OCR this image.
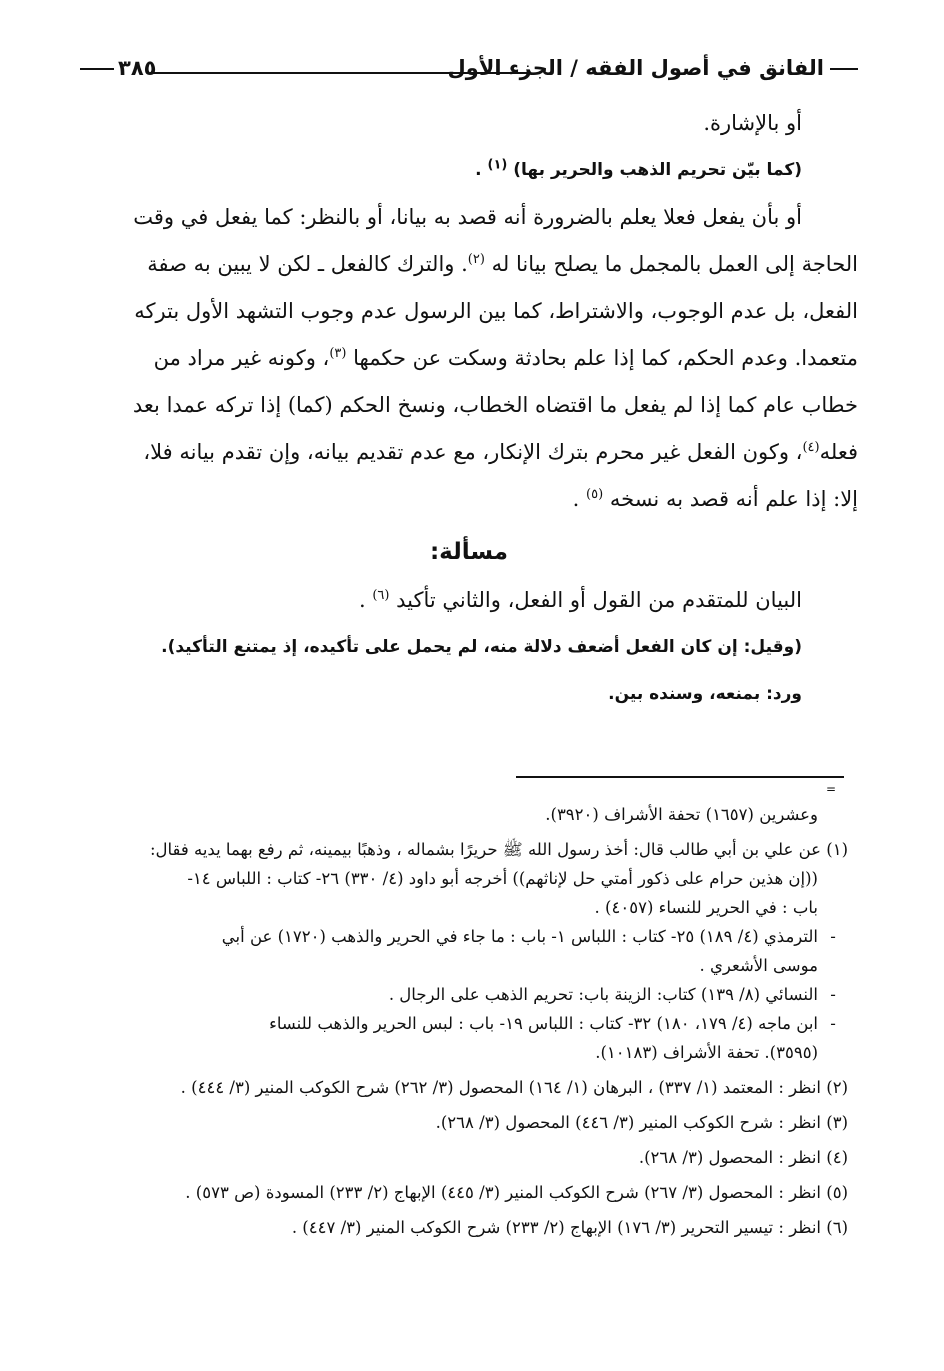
الفانق في أصول الفقه / الجزء الأول
٣٨٥
أو بالإشارة.
(كما بيّن تحريم الذهب والحرير بها) $^{(١)}$ .
أو بأن يفعل فعلا يعلم بالضرورة أنه قصد به بيانا، أو بالنظر: كما يفعل في وقت
الحاجة إلى العمل بالمجمل ما يصلح بيانا له $^{(٢)}$. والترك كالفعل ـ لكن لا يبين به صفة
الفعل، بل عدم الوجوب، والاشتراط، كما بين الرسول عدم وجوب التشهد الأول بتركه
متعمدا. وعدم الحكم، كما إذا علم بحادثة وسكت عن حكمها $^{(٣)}$، وكونه غير مراد من
خطاب عام كما إذا لم يفعل ما اقتضاه الخطاب، ونسخ الحكم (كما) إذا تركه عمدا بعد
فعله$^{(٤)}$، وكون الفعل غير محرم بترك الإنكار، مع عدم تقديم بيانه، وإن تقدم بيانه فلا،
إلا: إذا علم أنه قصد به نسخه $^{(٥)}$ .
مسألة:
البيان للمتقدم من القول أو الفعل، والثاني تأكيد $^{(٦)}$ .
(وقيل: إن كان الفعل أضعف دلالة منه، لم يحمل على تأكيده، إذ يمتنع التأكيد).
ورد: بمنعه، وسنده بين.
=
وعشرين (١٦٥٧) تحفة الأشراف (٣٩٢٠).
(١) عن علي بن أبي طالب قال: أخذ رسول الله ﷺ حريرًا بشماله ، وذهبًا بيمينه، ثم رفع بهما يديه فقال:
((إن هذين حرام على ذكور أمتي حل لإناثهم)) أخرجه أبو داود (٤/ ٣٣٠) ٢٦- كتاب : اللباس ١٤-
باب : في الحرير للنساء (٤٠٥٧) .
-الترمذي (٤/ ١٨٩) ٢٥- كتاب : اللباس ١- باب : ما جاء في الحرير والذهب (١٧٢٠) عن أبي
موسى الأشعري .
-النسائي (٨/ ١٣٩) كتاب: الزينة باب: تحريم الذهب على الرجال .
-ابن ماجه (٤/ ١٧٩، ١٨٠) ٣٢- كتاب : اللباس ١٩- باب : لبس الحرير والذهب للنساء
(٣٥٩٥). تحفة الأشراف (١٠١٨٣).
(٢) انظر : المعتمد (١/ ٣٣٧) ، البرهان (١/ ١٦٤) المحصول (٣/ ٢٦٢) شرح الكوكب المنير (٣/ ٤٤٤) .
(٣) انظر : شرح الكوكب المنير (٣/ ٤٤٦) المحصول (٣/ ٢٦٨).
(٤) انظر : المحصول (٣/ ٢٦٨).
(٥) انظر : المحصول (٣/ ٢٦٧) شرح الكوكب المنير (٣/ ٤٤٥) الإبهاج (٢/ ٢٣٣) المسودة (ص ٥٧٣) .
(٦) انظر : تيسير التحرير (٣/ ١٧٦) الإبهاج (٢/ ٢٣٣) شرح الكوكب المنير (٣/ ٤٤٧) .
